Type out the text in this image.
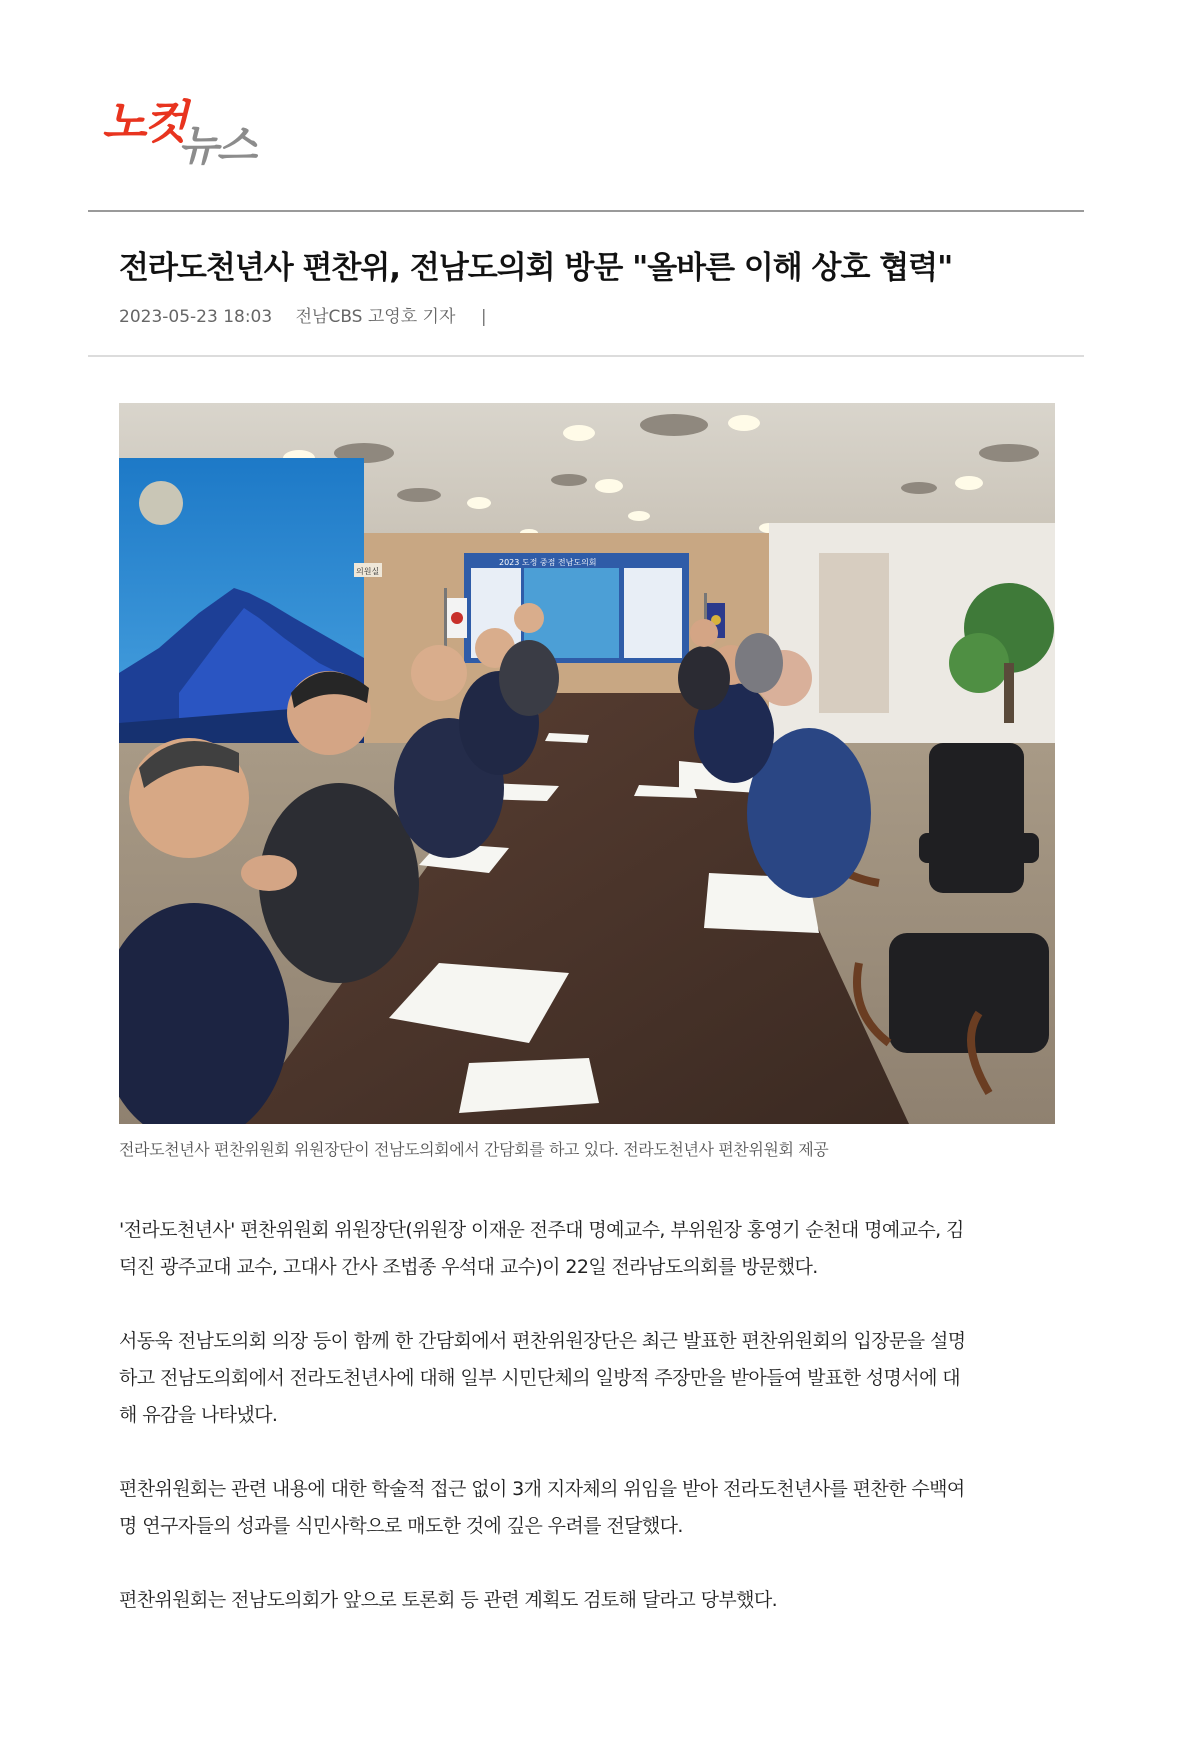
노컷
뉴스
전라도천년사 편찬위, 전남도의회 방문 "올바른 이해 상호 협력"
2023-05-23 18:03 전남CBS 고영호 기자 |
2023 도정 중점 전남도의회
의원실
전라도천년사 편찬위원회 위원장단이 전남도의회에서 간담회를 하고 있다. 전라도천년사 편찬위원회 제공

'전라도천년사' 편찬위원회 위원장단(위원장 이재운 전주대 명예교수, 부위원장 홍영기 순천대 명예교수, 김
덕진 광주교대 교수, 고대사 간사 조법종 우석대 교수)이 22일 전라남도의회를 방문했다.

서동욱 전남도의회 의장 등이 함께 한 간담회에서 편찬위원장단은 최근 발표한 편찬위원회의 입장문을 설명
하고 전남도의회에서 전라도천년사에 대해 일부 시민단체의 일방적 주장만을 받아들여 발표한 성명서에 대
해 유감을 나타냈다.

편찬위원회는 관련 내용에 대한 학술적 접근 없이 3개 지자체의 위임을 받아 전라도천년사를 편찬한 수백여
명 연구자들의 성과를 식민사학으로 매도한 것에 깊은 우려를 전달했다.

편찬위원회는 전남도의회가 앞으로 토론회 등 관련 계획도 검토해 달라고 당부했다.
